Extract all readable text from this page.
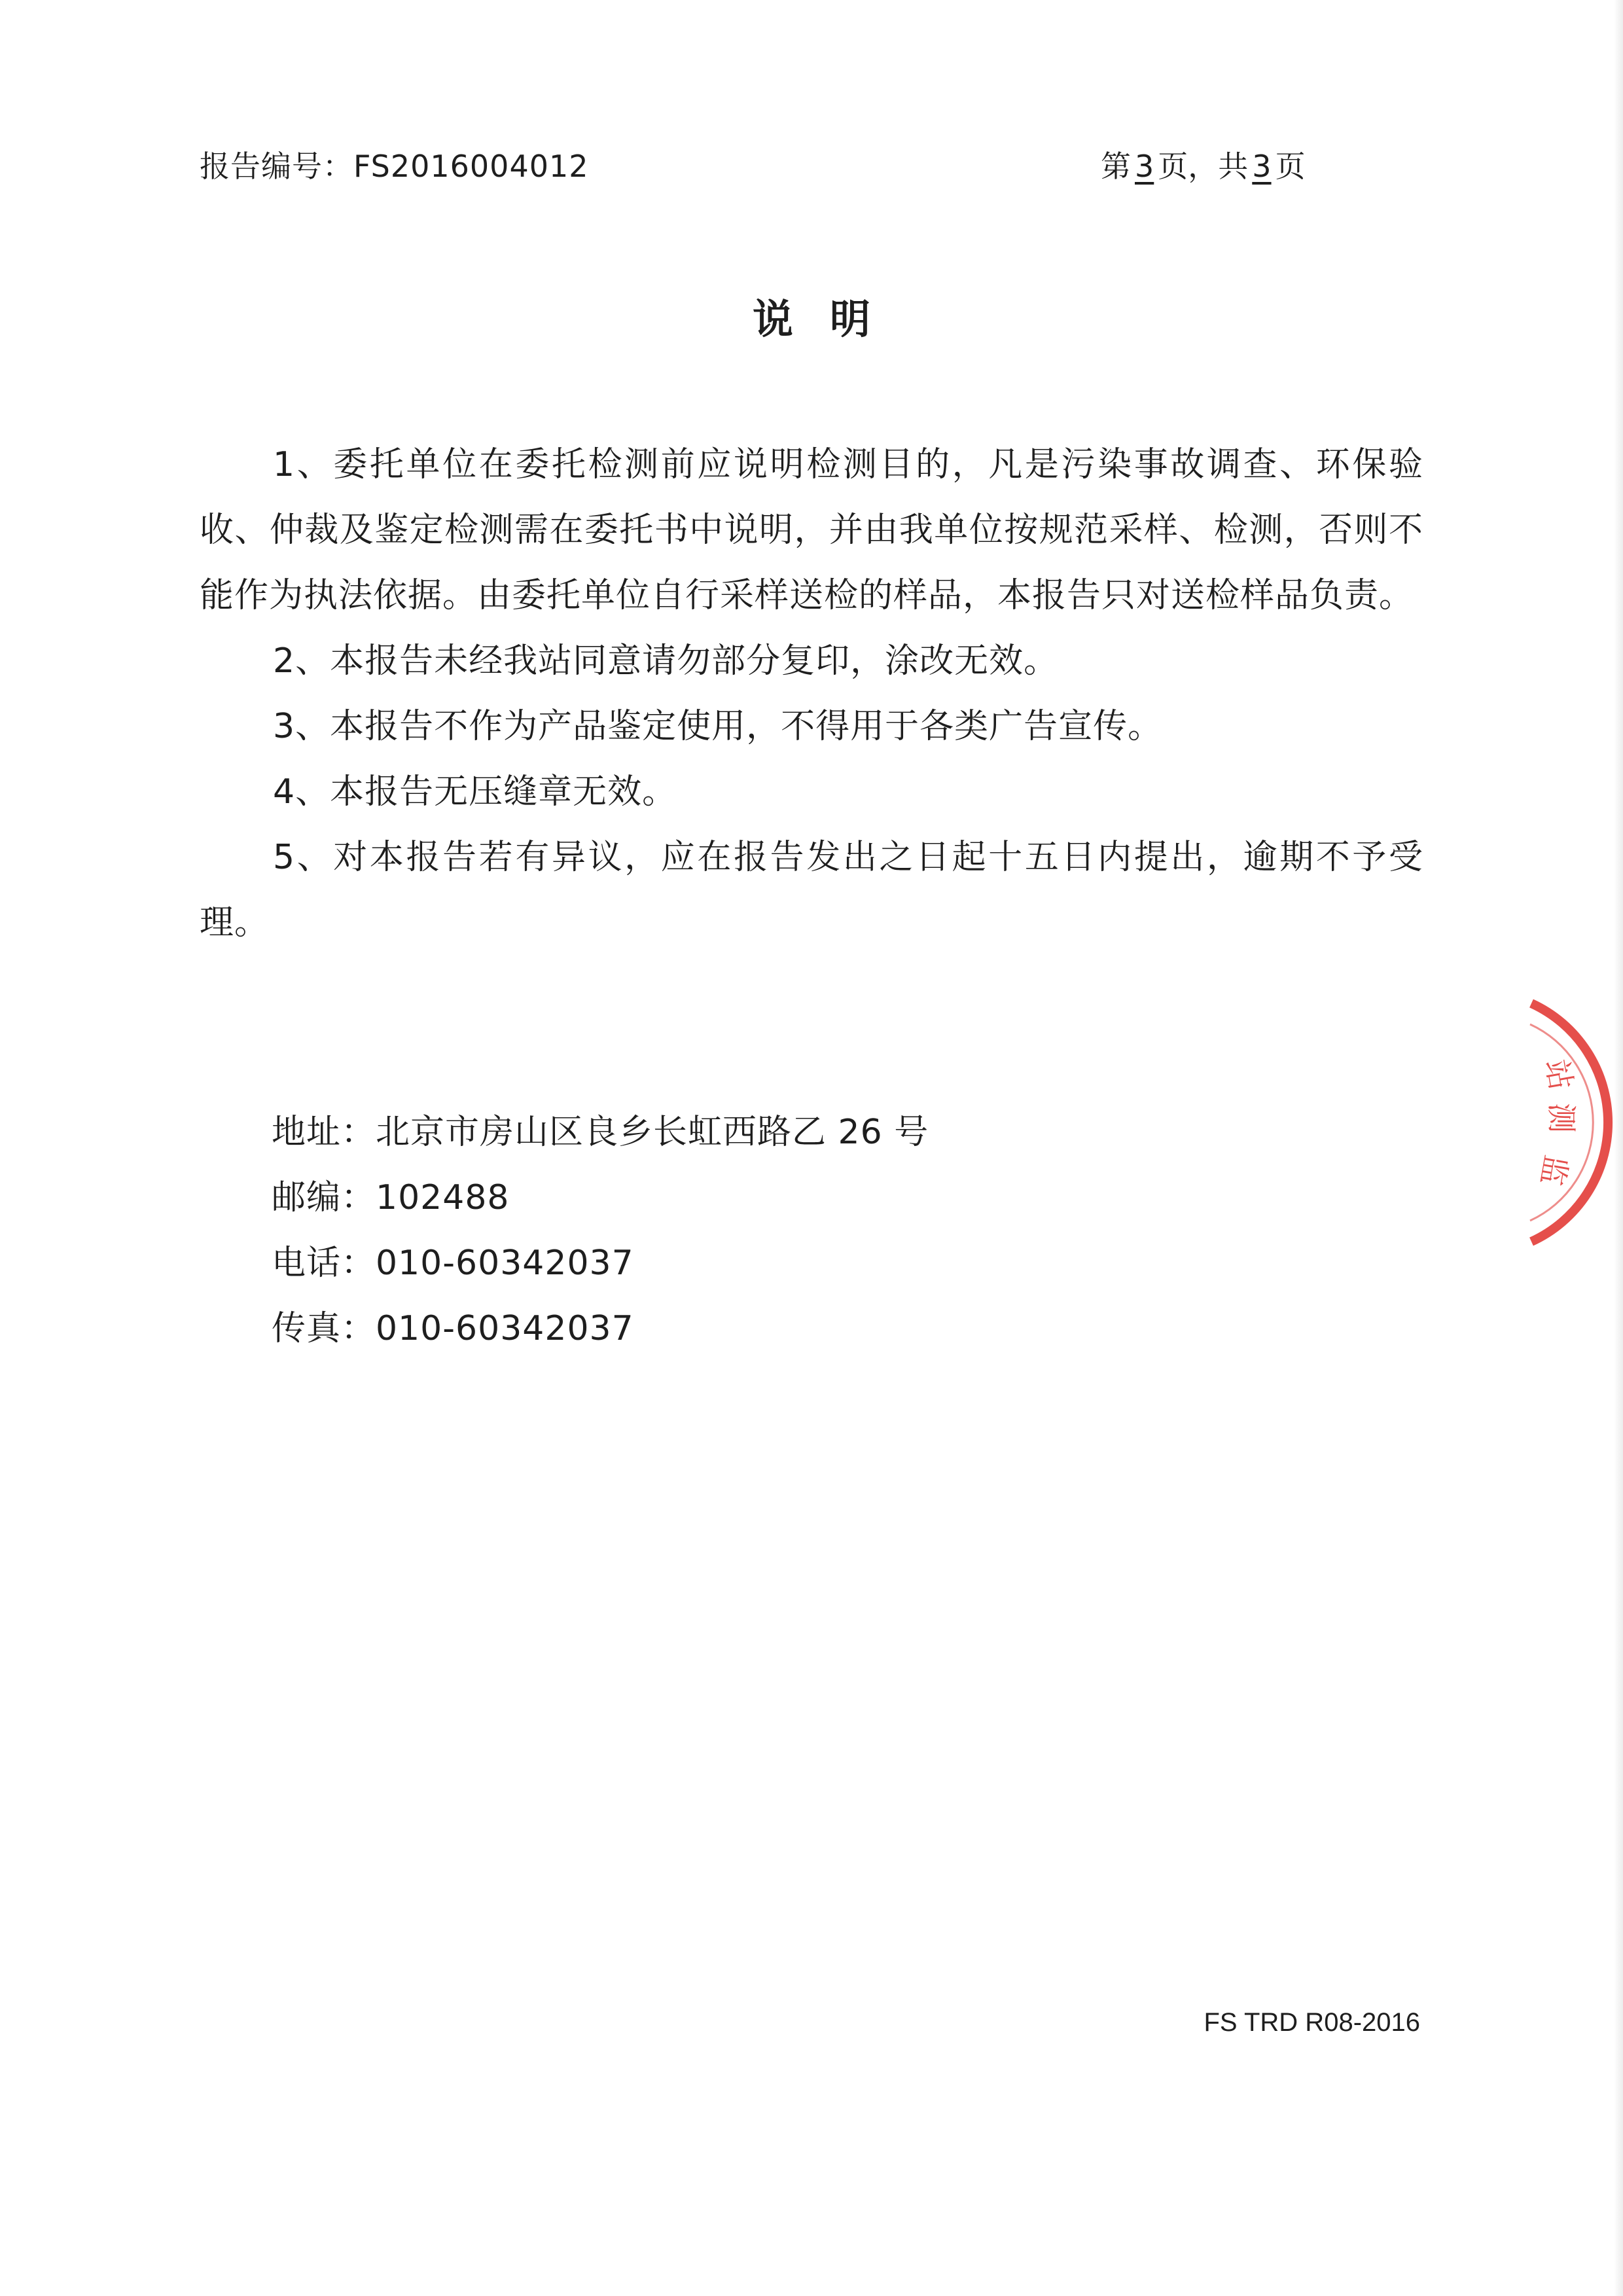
报告编号：FS2016004012	第 3 页，共 3 页
说明

1、委托单位在委托检测前应说明检测目的，凡是污染事故调查、环保验收、仲裁及鉴定检测需在委托书中说明，并由我单位按规范采样、检测，否则不能作为执法依据。由委托单位自行采样送检的样品，本报告只对送检样品负责。

2、本报告未经我站同意请勿部分复印，涂改无效。

3、本报告不作为产品鉴定使用，不得用于各类广告宣传。

4、本报告无压缝章无效。

5、对本报告若有异议，应在报告发出之日起十五日内提出，逾期不予受理。

地址：北京市房山区良乡长虹西路乙 26 号
邮编：102488
电话：010-60342037
传真：010-60342037
站
测
监
FS TRD R08-2016
